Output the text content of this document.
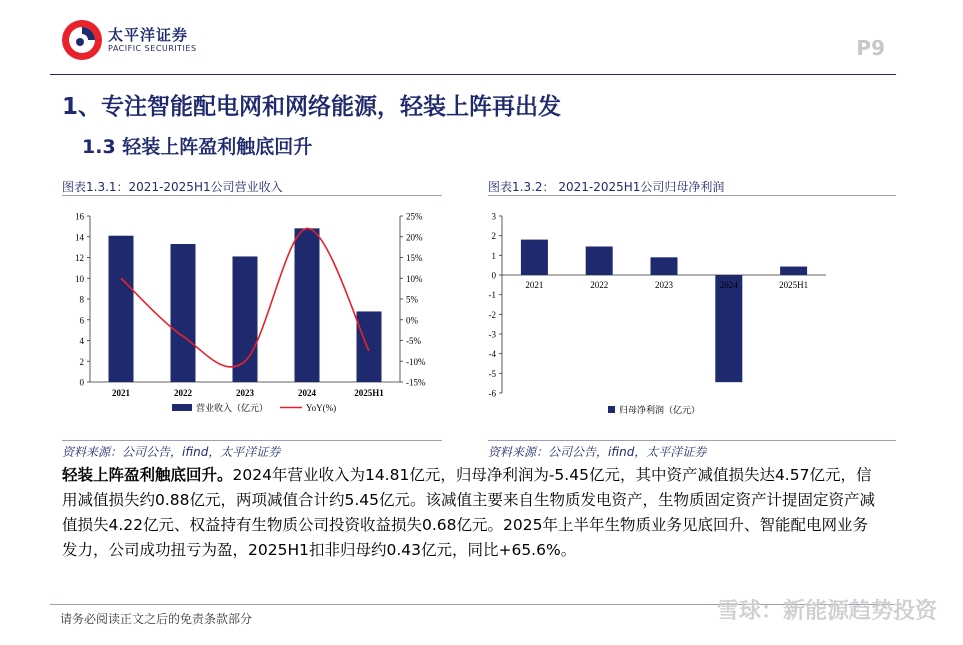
太平洋证券
PACIFIC SECURITIES	P9
1、专注智能配电网和网络能源，轻装上阵再出发
1.3 轻装上阵盈利触底回升
图表1.3.1：2021-2025H1公司营业收入	图表1.3.2： 2021-2025H1公司归母净利润
0
2
4
6
8
10
12
14
16
-15%
-10%
-5%
0%
5%
10%
15%
20%
25%
2021	2022	2023	2024	2025H1
营业收入（亿元）	YoY(%)
3
2
1
0
-1
-2
-3
-4
-5
-6
2021	2022	2023	2024	2025H1
归母净利润（亿元）
资料来源：公司公告，ifind，太平洋证券	资料来源：公司公告，ifind，太平洋证券
轻装上阵盈利触底回升。2024年营业收入为14.81亿元，归母净利润为-5.45亿元，其中资产减值损失达4.57亿元，信用减值损失约0.88亿元，两项减值合计约5.45亿元。该减值主要来自生物质发电资产，生物质固定资产计提固定资产减值损失4.22亿元、权益持有生物质公司投资收益损失0.68亿元。2025年上半年生物质业务见底回升、智能配电网业务发力，公司成功扭亏为盈，2025H1扣非归母约0.43亿元，同比+65.6%。
请务必阅读正文之后的免责条款部分	雪球：新能源趋势投资
